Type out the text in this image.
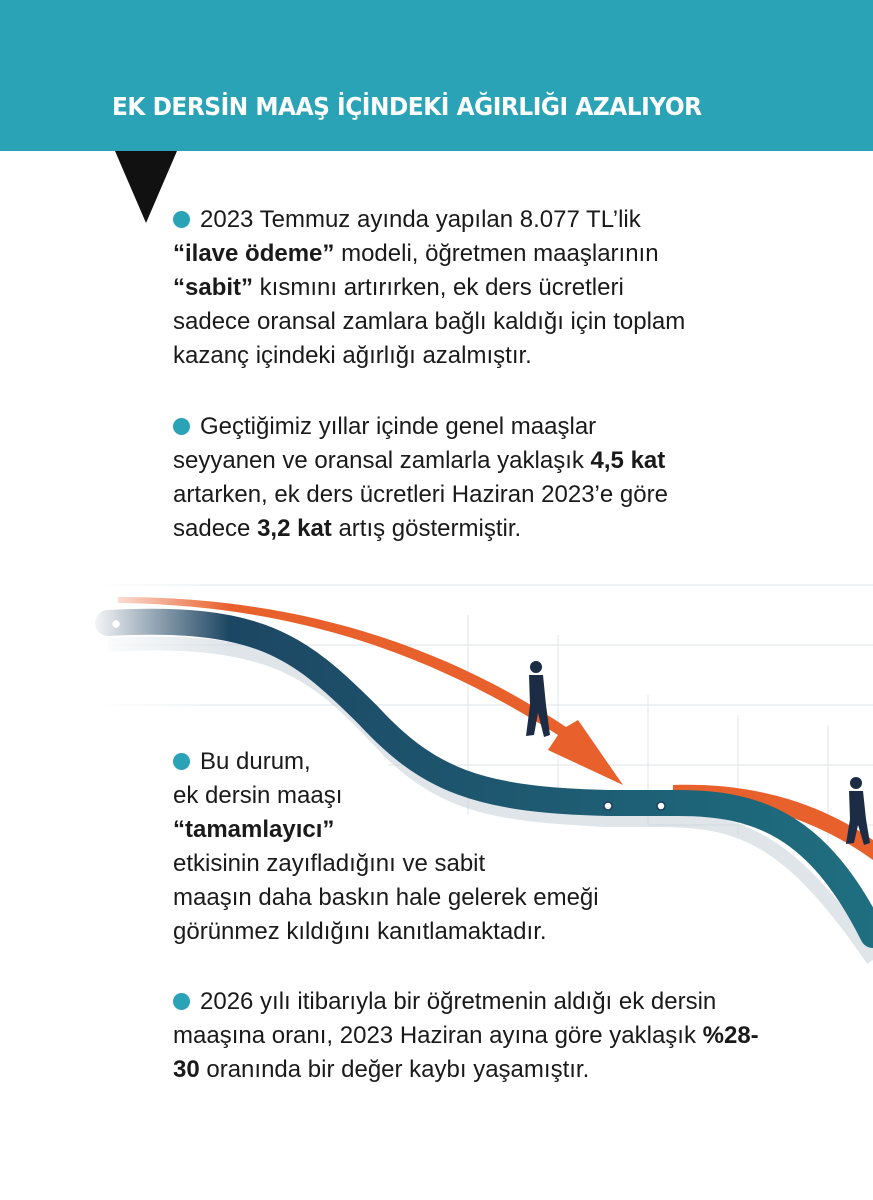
EK DERSİN MAAŞ İÇİNDEKİ AĞIRLIĞI AZALIYOR
2023 Temmuz ayında yapılan 8.077 TL’lik
“ilave ödeme” modeli, öğretmen maaşlarının
“sabit” kısmını artırırken, ek ders ücretleri
sadece oransal zamlara bağlı kaldığı için toplam
kazanç içindeki ağırlığı azalmıştır.
Geçtiğimiz yıllar içinde genel maaşlar
seyyanen ve oransal zamlarla yaklaşık 4,5 kat
artarken, ek ders ücretleri Haziran 2023’e göre
sadece 3,2 kat artış göstermiştir.
Bu durum,
ek dersin maaşı
“tamamlayıcı”
etkisinin zayıfladığını ve sabit
maaşın daha baskın hale gelerek emeği
görünmez kıldığını kanıtlamaktadır.
2026 yılı itibarıyla bir öğretmenin aldığı ek dersin
maaşına oranı, 2023 Haziran ayına göre yaklaşık %28-
30 oranında bir değer kaybı yaşamıştır.
